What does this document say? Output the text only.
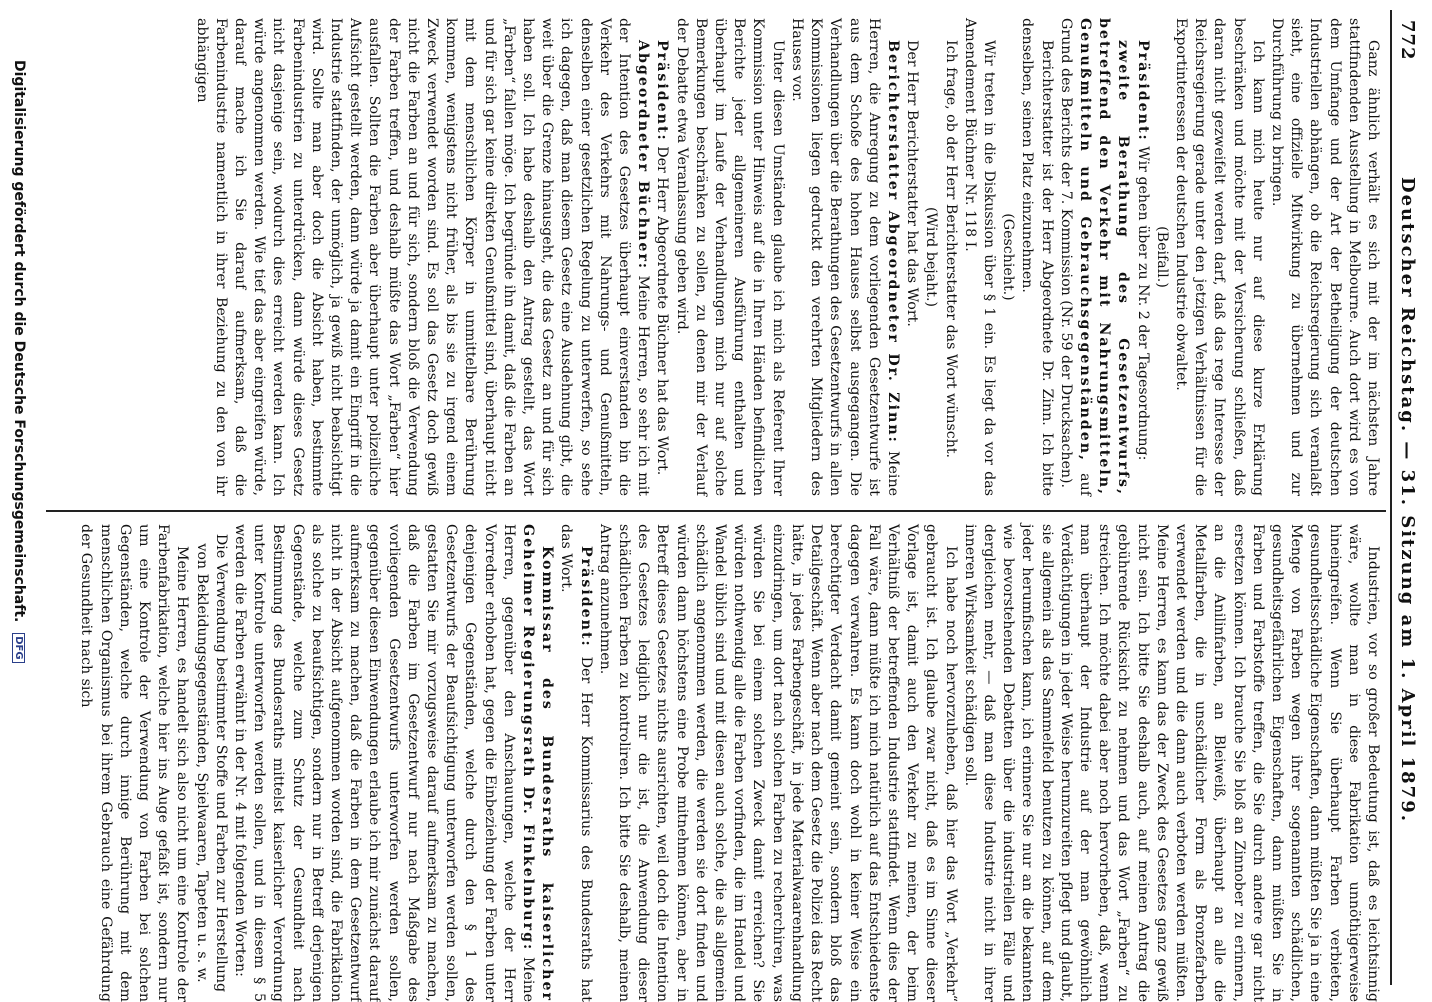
772
Deutscher Reichstag. — 31. Sitzung am 1. April 1879.

Ganz ähnlich verhält es sich mit der im nächsten Jahre stattfindenden Ausstellung in Melbourne. Auch dort wird es von dem Umfange und der Art der Betheiligung der deutschen Industriellen abhängen, ob die Reichsregierung sich veranlaßt sieht, eine offizielle Mitwirkung zu übernehmen und zur Durchführung zu bringen.

Ich kann mich heute nur auf diese kurze Erklärung beschränken und möchte mit der Versicherung schließen, daß daran nicht gezweifelt werden darf, daß das rege Interesse der Reichsregierung gerade unter den jetzigen Verhältnissen für die Exportinteressen der deutschen Industrie obwaltet.

(Beifall.)

Präsident: Wir gehen über zu Nr. 2 der Tagesordnung:

zweite Berathung des Gesetzentwurfs, betreffend den Verkehr mit Nahrungsmitteln, Genußmitteln und Gebrauchsgegenständen, auf Grund des Berichts der 7. Kommission (Nr. 59 der Drucksachen).

Berichterstatter ist der Herr Abgeordnete Dr. Zinn. Ich bitte denselben, seinen Platz einzunehmen.

(Geschieht.)

Wir treten in die Diskussion über § 1 ein. Es liegt da vor das Amendement Büchner Nr. 118 I.

Ich frage, ob der Herr Berichterstatter das Wort wünscht.

(Wird bejaht.)

Der Herr Berichterstatter hat das Wort.

Berichterstatter Abgeordneter Dr. Zinn: Meine Herren, die Anregung zu dem vorliegenden Gesetzentwurfe ist aus dem Schoße des hohen Hauses selbst ausgegangen. Die Verhandlungen über die Berathungen des Gesetzentwurfs in allen Kommissionen liegen gedruckt den verehrten Mitgliedern des Hauses vor.

Unter diesen Umständen glaube ich mich als Referent Ihrer Kommission unter Hinweis auf die in Ihren Händen befindlichen Berichte jeder allgemeineren Ausführung enthalten und überhaupt im Laufe der Verhandlungen mich nur auf solche Bemerkungen beschränken zu sollen, zu denen mir der Verlauf der Debatte etwa Veranlassung geben wird.

Präsident: Der Herr Abgeordnete Büchner hat das Wort.

Abgeordneter Büchner: Meine Herren, so sehr ich mit der Intention des Gesetzes überhaupt einverstanden bin die Verkehr des Verkehrs mit Nahrungs- und Genußmitteln, denselben einer gesetzlichen Regelung zu unterwerfen, so sehe ich dagegen, daß man diesem Gesetz eine Ausdehnung gibt, die weit über die Grenze hinausgeht, die das Gesetz an und für sich haben soll. Ich habe deshalb den Antrag gestellt, das Wort „Farben“ fallen möge. Ich begründe ihn damit, daß die Farben an und für sich gar keine direkten Genußmittel sind, überhaupt nicht mit dem menschlichen Körper in unmittelbare Berührung kommen, wenigstens nicht früher, als bis sie zu irgend einem Zweck verwendet worden sind. Es soll das Gesetz doch gewiß nicht die Farben an und für sich, sondern bloß die Verwendung der Farben treffen, und deshalb müßte das Wort „Farben“ hier ausfallen. Sollten die Farben aber überhaupt unter polizeiliche Aufsicht gestellt werden, dann würde ja damit ein Eingriff in die Industrie stattfinden, der unmöglich, ja gewiß nicht beabsichtigt wird. Sollte man aber doch die Absicht haben, bestimmte Farbenindustrien zu unterdrücken, dann würde dieses Gesetz nicht dasjenige sein, wodurch dies erreicht werden kann. Ich würde angenommen werden. Wie tief das aber eingreifen würde, darauf mache ich Sie darauf aufmerksam, daß die Farbenindustrie namentlich in ihrer Beziehung zu den von ihr abhängigen

Industrien, vor so großer Bedeutung ist, daß es leichtsinnig wäre, wollte man in diese Fabrikation unnöthigerweise hineingreifen. Wenn Sie überhaupt Farben verbieten, gesundheitsschädliche Eigenschaften, dann müßten Sie ja in eine Menge von Farben wegen ihrer sogenannten schädlichen, gesundheitsgefährlichen Eigenschaften, dann müßten Sie in Farben und Farbstoffe treffen, die Sie durch andere gar nicht ersetzen können. Ich brauche Sie bloß an Zinnober zu erinnern, an die Anilinfarben, an Bleiweiß, überhaupt an alle die Metallfarben, die in unschädlicher Form als Bronzefarben verwendet werden und die dann auch verboten werden müßten. Meine Herren, es kann das der Zweck des Gesetzes ganz gewiß nicht sein. Ich bitte Sie deshalb auch, auf meinen Antrag die gebührende Rücksicht zu nehmen und das Wort „Farben“ zu streichen. Ich möchte dabei aber noch hervorheben, daß, wenn man überhaupt der Industrie auf der man gewöhnlich Verdächtigungen in jeder Weise herumzureiten pflegt und glaubt, sie allgemein als das Sammelfeld benutzen zu können, auf dem jeder herumfischen kann, ich erinnere Sie nur an die bekannten wie bevorstehenden Debatten über die industriellen Fälle und dergleichen mehr, — daß man diese Industrie nicht in ihrer inneren Wirksamkeit schädigen soll.

Ich habe noch hervorzuheben, daß hier das Wort „Verkehr“ gebraucht ist. Ich glaube zwar nicht, daß es im Sinne dieser Vorlage ist, damit auch den Verkehr zu meinen, der beim Verhältniß der betreffenden Industrie stattfindet. Wenn dies der Fall wäre, dann müßte ich mich natürlich auf das Entschiedenste dagegen verwahren. Es kann doch wohl in keiner Weise ein berechtigter Verdacht damit gemeint sein, sondern bloß das Detailgeschäft. Wenn aber nach dem Gesetz die Polizei das Recht hätte, in jedes Farbengeschäft, in jede Materialwaarenhandlung einzudringen, um dort nach solchen Farben zu recherchiren, was würden Sie bei einem solchen Zweck damit erreichen? Sie würden nothwendig alle die Farben vorfinden, die im Handel und Wandel üblich sind und mit diesen auch solche, die als allgemein schädlich angenommen werden, die werden sie dort finden und würden dann höchstens eine Probe mitnehmen können, aber in Betreff dieses Gesetzes nichts ausrichten, weil doch die Intention des Gesetzes lediglich nur die ist, die Anwendung dieser schädlichen Farben zu kontroliren. Ich bitte Sie deshalb, meinen Antrag anzunehmen.

Präsident: Der Herr Kommissarius des Bundesraths hat das Wort.

Kommissar des Bundesraths kaiserlicher Geheimer Regierungsrath Dr. Finkelnburg: Meine Herren, gegenüber den Anschauungen, welche der Herr Vorredner erhoben hat, gegen die Einbeziehung der Farben unter denjenigen Gegenständen, welche durch den § 1 des Gesetzentwurfs der Beaufsichtigung unterworfen werden sollen, gestatten Sie mir vorzugsweise darauf aufmerksam zu machen, daß die Farben im Gesetzentwurf nur nach Maßgabe des vorliegenden Gesetzentwurfs unterworfen werden sollen, gegenüber diesen Einwendungen erlaube ich mir zunächst darauf aufmerksam zu machen, daß die Farben in dem Gesetzentwurf nicht in der Absicht aufgenommen worden sind, die Fabrikation als solche zu beaufsichtigen, sondern nur in Betreff derjenigen Gegenstände, welche zum Schutz der Gesundheit nach Bestimmung des Bundesraths mittelst kaiserlicher Verordnung unter Kontrole unterworfen werden sollen, und in diesem § 5 werden die Farben erwähnt in der Nr. 4 mit folgenden Worten:

Die Verwendung bestimmter Stoffe und Farben zur Herstellung von Bekleidungsgegenständen, Spielwaaren, Tapeten u. s. w.

Meine Herren, es handelt sich also nicht um eine Kontrole der Farbenfabrikation, welche hier ins Auge gefaßt ist, sondern nur um eine Kontrole der Verwendung von Farben bei solchen Gegenständen, welche durch innige Berührung mit dem menschlichen Organismus bei ihrem Gebrauch eine Gefährdung der Gesundheit nach sich

Digitalisierung gefördert durch die Deutsche Forschungsgemeinschaft. DFG
